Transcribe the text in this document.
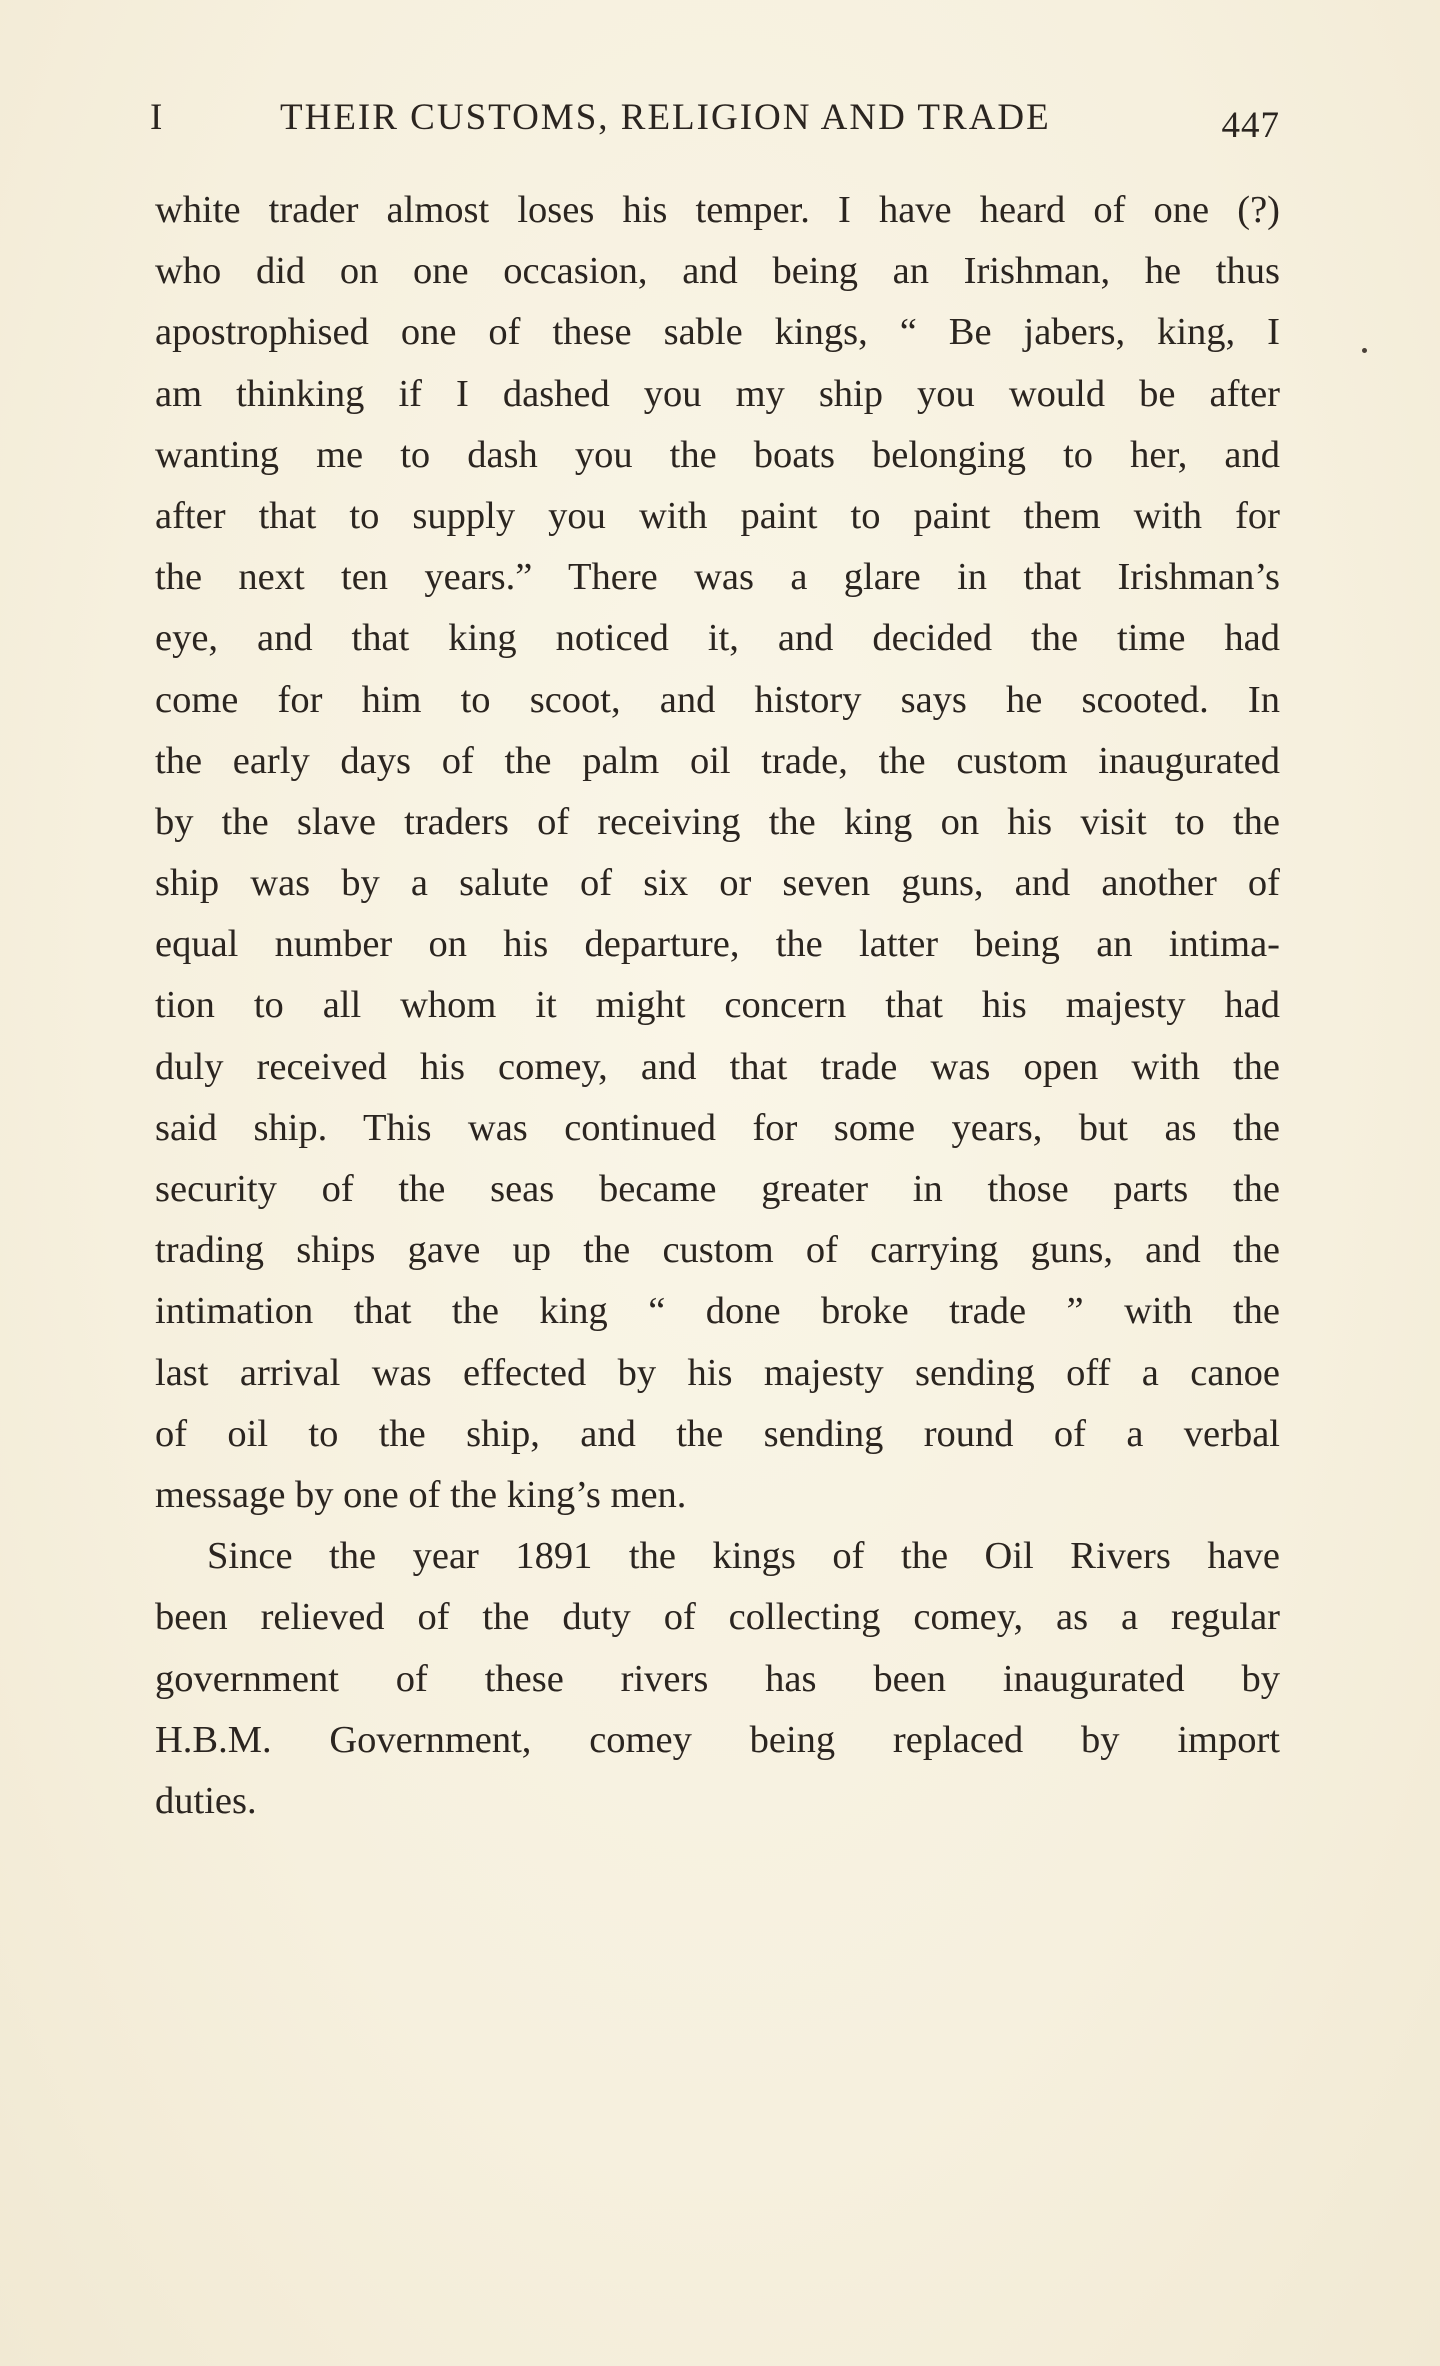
I	THEIR CUSTOMS, RELIGION AND TRADE	447
white trader almost loses his temper. I have heard of one (?)
who did on one occasion, and being an Irishman, he thus
apostrophised one of these sable kings, “ Be jabers, king, I
am thinking if I dashed you my ship you would be after
wanting me to dash you the boats belonging to her, and
after that to supply you with paint to paint them with for
the next ten years.” There was a glare in that Irishman’s
eye, and that king noticed it, and decided the time had
come for him to scoot, and history says he scooted. In
the early days of the palm oil trade, the custom inaugurated
by the slave traders of receiving the king on his visit to the
ship was by a salute of six or seven guns, and another of
equal number on his departure, the latter being an intima-
tion to all whom it might concern that his majesty had
duly received his comey, and that trade was open with the
said ship. This was continued for some years, but as the
security of the seas became greater in those parts the
trading ships gave up the custom of carrying guns, and the
intimation that the king “ done broke trade ” with the
last arrival was effected by his majesty sending off a canoe
of oil to the ship, and the sending round of a verbal
message by one of the king’s men.
Since the year 1891 the kings of the Oil Rivers have
been relieved of the duty of collecting comey, as a regular
government of these rivers has been inaugurated by
H.B.M. Government, comey being replaced by import
duties.
